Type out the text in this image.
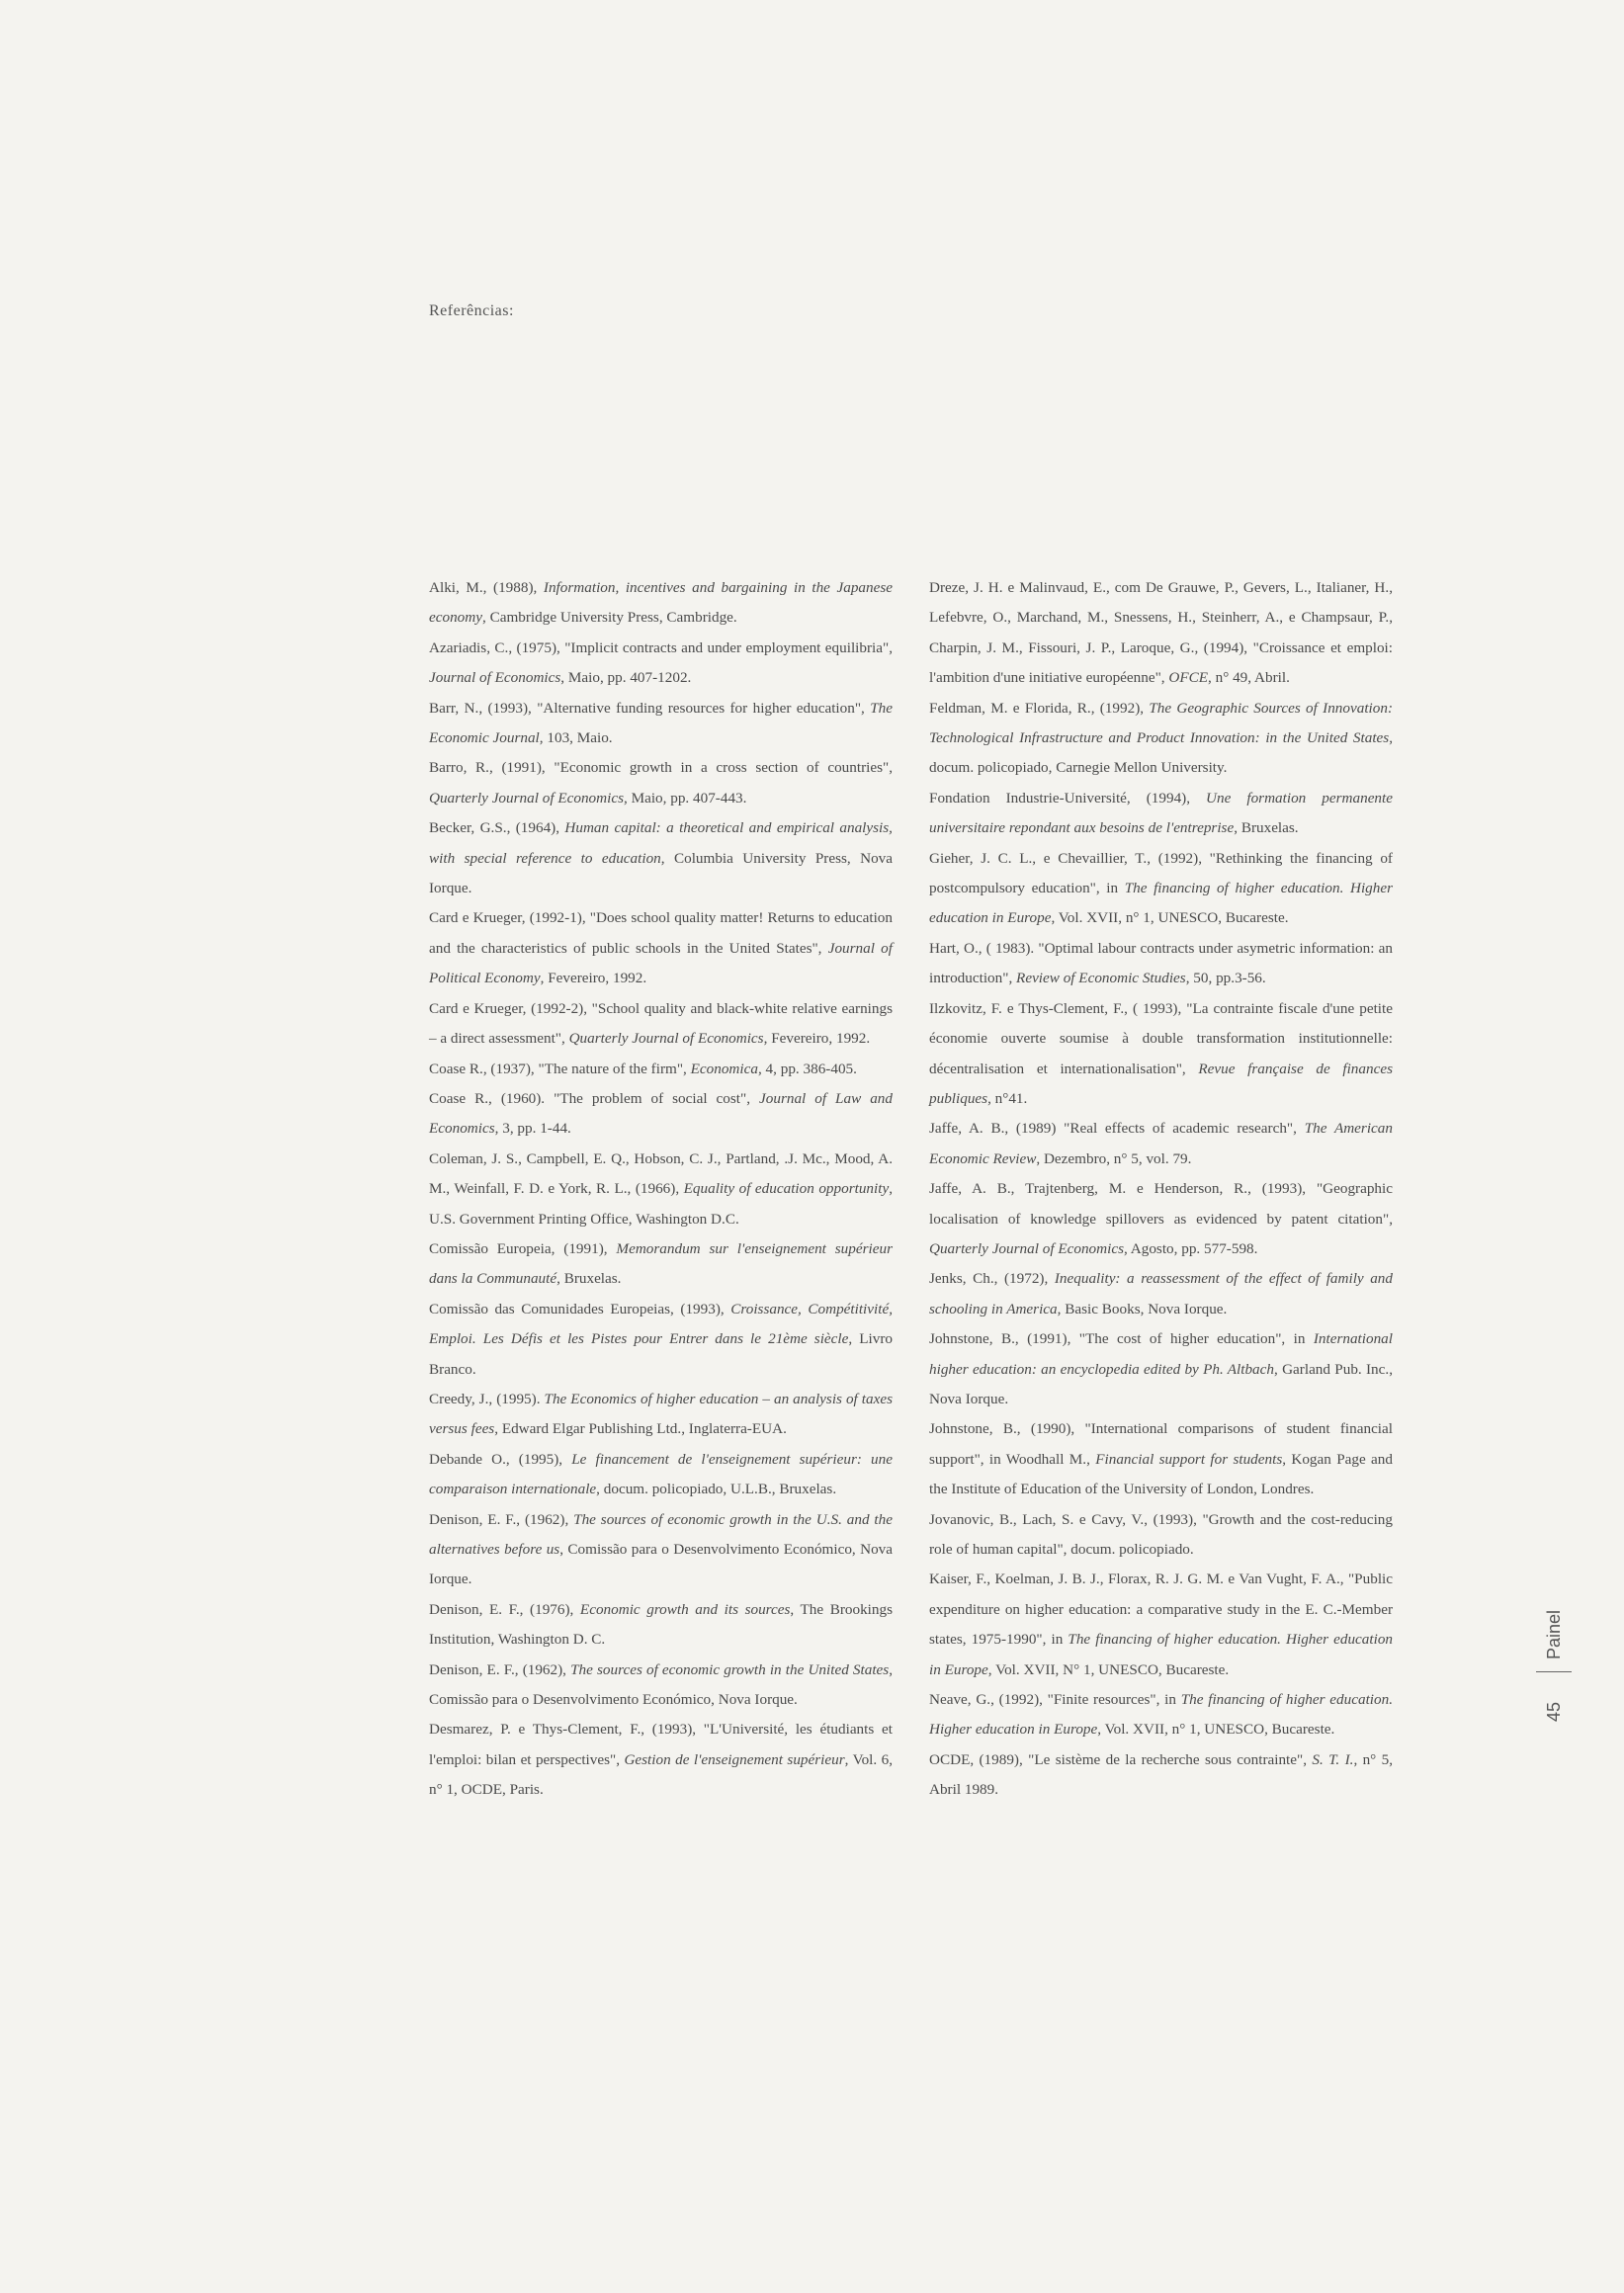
Referências:

Alki, M., (1988), Information, incentives and bargaining in the Japanese economy, Cambridge University Press, Cambridge.

Azariadis, C., (1975), "Implicit contracts and under employment equilibria", Journal of Economics, Maio, pp. 407-1202.

Barr, N., (1993), "Alternative funding resources for higher education", The Economic Journal, 103, Maio.

Barro, R., (1991), "Economic growth in a cross section of countries", Quarterly Journal of Economics, Maio, pp. 407-443.

Becker, G.S., (1964), Human capital: a theoretical and empirical analysis, with special reference to education, Columbia University Press, Nova Iorque.

Card e Krueger, (1992-1), "Does school quality matter! Returns to education and the characteristics of public schools in the United States", Journal of Political Economy, Fevereiro, 1992.

Card e Krueger, (1992-2), "School quality and black-white relative earnings – a direct assessment", Quarterly Journal of Economics, Fevereiro, 1992.

Coase R., (1937), "The nature of the firm", Economica, 4, pp. 386-405.

Coase R., (1960). "The problem of social cost", Journal of Law and Economics, 3, pp. 1-44.

Coleman, J. S., Campbell, E. Q., Hobson, C. J., Partland, .J. Mc., Mood, A. M., Weinfall, F. D. e York, R. L., (1966), Equality of education opportunity, U.S. Government Printing Office, Washington D.C.

Comissão Europeia, (1991), Memorandum sur l'enseignement supérieur dans la Communauté, Bruxelas.

Comissão das Comunidades Europeias, (1993), Croissance, Compétitivité, Emploi. Les Défis et les Pistes pour Entrer dans le 21ème siècle, Livro Branco.

Creedy, J., (1995). The Economics of higher education – an analysis of taxes versus fees, Edward Elgar Publishing Ltd., Inglaterra-EUA.

Debande O., (1995), Le financement de l'enseignement supérieur: une comparaison internationale, docum. policopiado, U.L.B., Bruxelas.

Denison, E. F., (1962), The sources of economic growth in the U.S. and the alternatives before us, Comissão para o Desenvolvimento Económico, Nova Iorque.

Denison, E. F., (1976), Economic growth and its sources, The Brookings Institution, Washington D. C.

Denison, E. F., (1962), The sources of economic growth in the United States, Comissão para o Desenvolvimento Económico, Nova Iorque.

Desmarez, P. e Thys-Clement, F., (1993), "L'Université, les étudiants et l'emploi: bilan et perspectives", Gestion de l'enseignement supérieur, Vol. 6, n° 1, OCDE, Paris.

Dreze, J. H. e Malinvaud, E., com De Grauwe, P., Gevers, L., Italianer, H., Lefebvre, O., Marchand, M., Snessens, H., Steinherr, A., e Champsaur, P., Charpin, J. M., Fissouri, J. P., Laroque, G., (1994), "Croissance et emploi: l'ambition d'une initiative européenne", OFCE, n° 49, Abril.

Feldman, M. e Florida, R., (1992), The Geographic Sources of Innovation: Technological Infrastructure and Product Innovation: in the United States, docum. policopiado, Carnegie Mellon University.

Fondation Industrie-Université, (1994), Une formation permanente universitaire repondant aux besoins de l'entreprise, Bruxelas.

Gieher, J. C. L., e Chevaillier, T., (1992), "Rethinking the financing of postcompulsory education", in The financing of higher education. Higher education in Europe, Vol. XVII, n° 1, UNESCO, Bucareste.

Hart, O., ( 1983). "Optimal labour contracts under asymetric information: an introduction", Review of Economic Studies, 50, pp.3-56.

Ilzkovitz, F. e Thys-Clement, F., ( 1993), "La contrainte fiscale d'une petite économie ouverte soumise à double transformation institutionnelle: décentralisation et internationalisation", Revue française de finances publiques, n°41.

Jaffe, A. B., (1989) "Real effects of academic research", The American Economic Review, Dezembro, n° 5, vol. 79.

Jaffe, A. B., Trajtenberg, M. e Henderson, R., (1993), "Geographic localisation of knowledge spillovers as evidenced by patent citation", Quarterly Journal of Economics, Agosto, pp. 577-598.

Jenks, Ch., (1972), Inequality: a reassessment of the effect of family and schooling in America, Basic Books, Nova Iorque.

Johnstone, B., (1991), "The cost of higher education", in International higher education: an encyclopedia edited by Ph. Altbach, Garland Pub. Inc., Nova Iorque.

Johnstone, B., (1990), "International comparisons of student financial support", in Woodhall M., Financial support for students, Kogan Page and the Institute of Education of the University of London, Londres.

Jovanovic, B., Lach, S. e Cavy, V., (1993), "Growth and the cost-reducing role of human capital", docum. policopiado.

Kaiser, F., Koelman, J. B. J., Florax, R. J. G. M. e Van Vught, F. A., "Public expenditure on higher education: a comparative study in the E. C.-Member states, 1975-1990", in The financing of higher education. Higher education in Europe, Vol. XVII, N° 1, UNESCO, Bucareste.

Neave, G., (1992), "Finite resources", in The financing of higher education. Higher education in Europe, Vol. XVII, n° 1, UNESCO, Bucareste.

OCDE, (1989), "Le sistème de la recherche sous contrainte", S. T. I., n° 5, Abril 1989.

45
Painel
